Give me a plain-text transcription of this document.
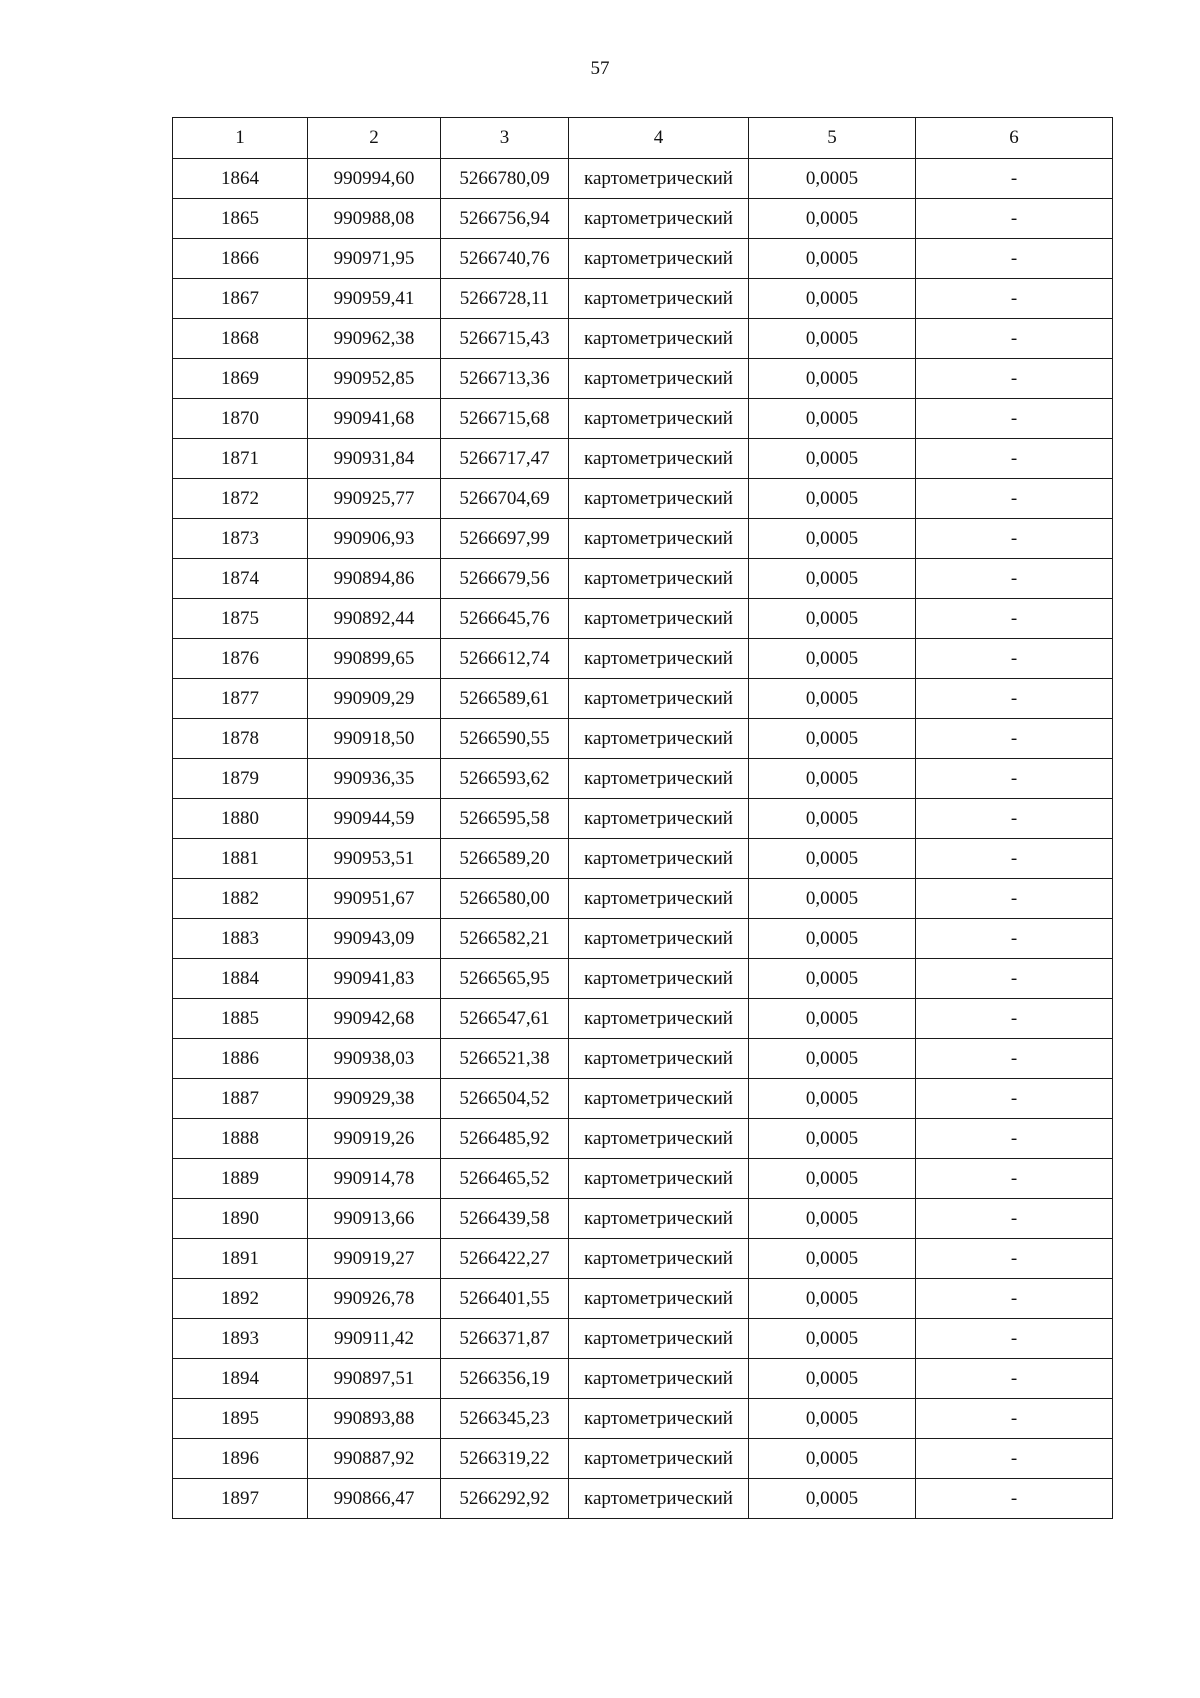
57
1	2	3	4	5	6
1864	990994,60	5266780,09	картометрический	0,0005	-
1865	990988,08	5266756,94	картометрический	0,0005	-
1866	990971,95	5266740,76	картометрический	0,0005	-
1867	990959,41	5266728,11	картометрический	0,0005	-
1868	990962,38	5266715,43	картометрический	0,0005	-
1869	990952,85	5266713,36	картометрический	0,0005	-
1870	990941,68	5266715,68	картометрический	0,0005	-
1871	990931,84	5266717,47	картометрический	0,0005	-
1872	990925,77	5266704,69	картометрический	0,0005	-
1873	990906,93	5266697,99	картометрический	0,0005	-
1874	990894,86	5266679,56	картометрический	0,0005	-
1875	990892,44	5266645,76	картометрический	0,0005	-
1876	990899,65	5266612,74	картометрический	0,0005	-
1877	990909,29	5266589,61	картометрический	0,0005	-
1878	990918,50	5266590,55	картометрический	0,0005	-
1879	990936,35	5266593,62	картометрический	0,0005	-
1880	990944,59	5266595,58	картометрический	0,0005	-
1881	990953,51	5266589,20	картометрический	0,0005	-
1882	990951,67	5266580,00	картометрический	0,0005	-
1883	990943,09	5266582,21	картометрический	0,0005	-
1884	990941,83	5266565,95	картометрический	0,0005	-
1885	990942,68	5266547,61	картометрический	0,0005	-
1886	990938,03	5266521,38	картометрический	0,0005	-
1887	990929,38	5266504,52	картометрический	0,0005	-
1888	990919,26	5266485,92	картометрический	0,0005	-
1889	990914,78	5266465,52	картометрический	0,0005	-
1890	990913,66	5266439,58	картометрический	0,0005	-
1891	990919,27	5266422,27	картометрический	0,0005	-
1892	990926,78	5266401,55	картометрический	0,0005	-
1893	990911,42	5266371,87	картометрический	0,0005	-
1894	990897,51	5266356,19	картометрический	0,0005	-
1895	990893,88	5266345,23	картометрический	0,0005	-
1896	990887,92	5266319,22	картометрический	0,0005	-
1897	990866,47	5266292,92	картометрический	0,0005	-
